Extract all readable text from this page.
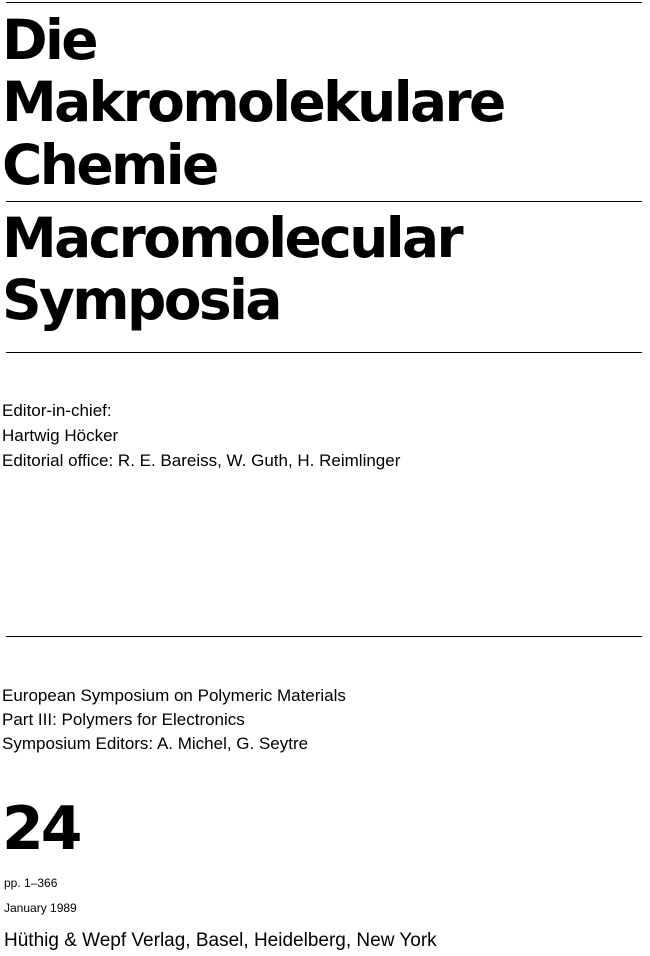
Die

Makromolekulare

Chemie

Macromolecular

Symposia

Editor-in-chief:

Hartwig Höcker

Editorial office: R. E. Bareiss, W. Guth, H. Reimlinger

European Symposium on Polymeric Materials

Part III: Polymers for Electronics

Symposium Editors: A. Michel, G. Seytre

24

pp. 1–366

January 1989

Hüthig & Wepf Verlag, Basel, Heidelberg, New York
